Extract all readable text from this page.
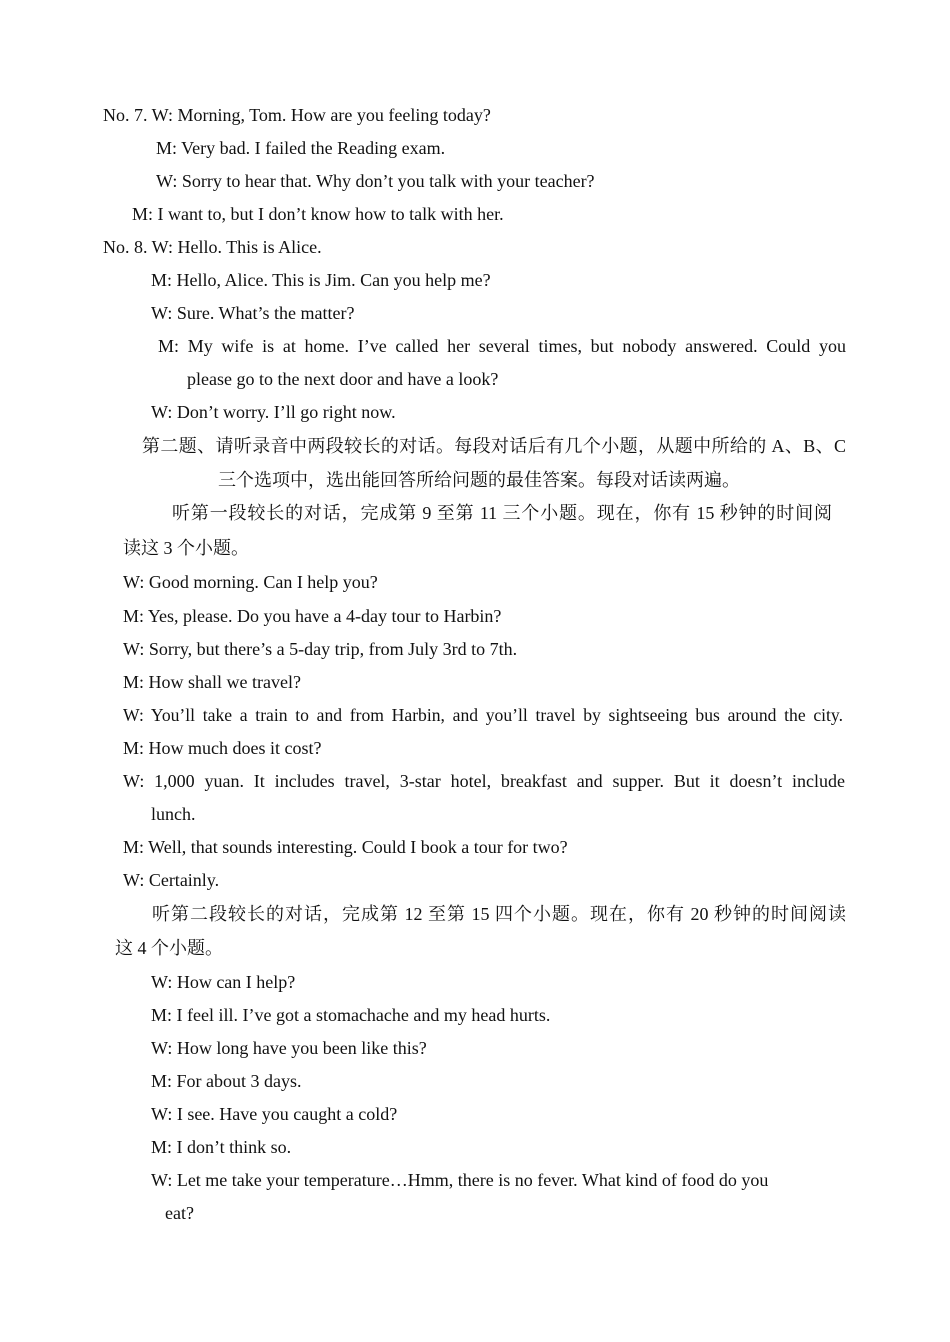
No. 7. W: Morning, Tom. How are you feeling today?
M: Very bad. I failed the Reading exam.
W: Sorry to hear that. Why don’t you talk with your teacher?
M: I want to, but I don’t know how to talk with her.
No. 8. W: Hello. This is Alice.
M: Hello, Alice. This is Jim. Can you help me?
W: Sure. What’s the matter?
M: My wife is at home. I’ve called her several times, but nobody answered. Could you
please go to the next door and have a look?
W: Don’t worry. I’ll go right now.
第二题、请听录音中两段较长的对话。每段对话后有几个小题，从题中所给的 A、B、C
三个选项中，选出能回答所给问题的最佳答案。每段对话读两遍。
听第一段较长的对话，完成第 9 至第 11 三个小题。现在，你有 15 秒钟的时间阅
读这 3 个小题。
W: Good morning. Can I help you?
M: Yes, please. Do you have a 4-day tour to Harbin?
W: Sorry, but there’s a 5-day trip, from July 3rd to 7th.
M: How shall we travel?
W: You’ll take a train to and from Harbin, and you’ll travel by sightseeing bus around the city.
M: How much does it cost?
W: 1,000 yuan. It includes travel, 3-star hotel, breakfast and supper. But it doesn’t include
lunch.
M: Well, that sounds interesting. Could I book a tour for two?
W: Certainly.
听第二段较长的对话，完成第 12 至第 15 四个小题。现在，你有 20 秒钟的时间阅读
这 4 个小题。
W: How can I help?
M: I feel ill. I’ve got a stomachache and my head hurts.
W: How long have you been like this?
M: For about 3 days.
W: I see. Have you caught a cold?
M: I don’t think so.
W: Let me take your temperature…Hmm, there is no fever. What kind of food do you
eat?
